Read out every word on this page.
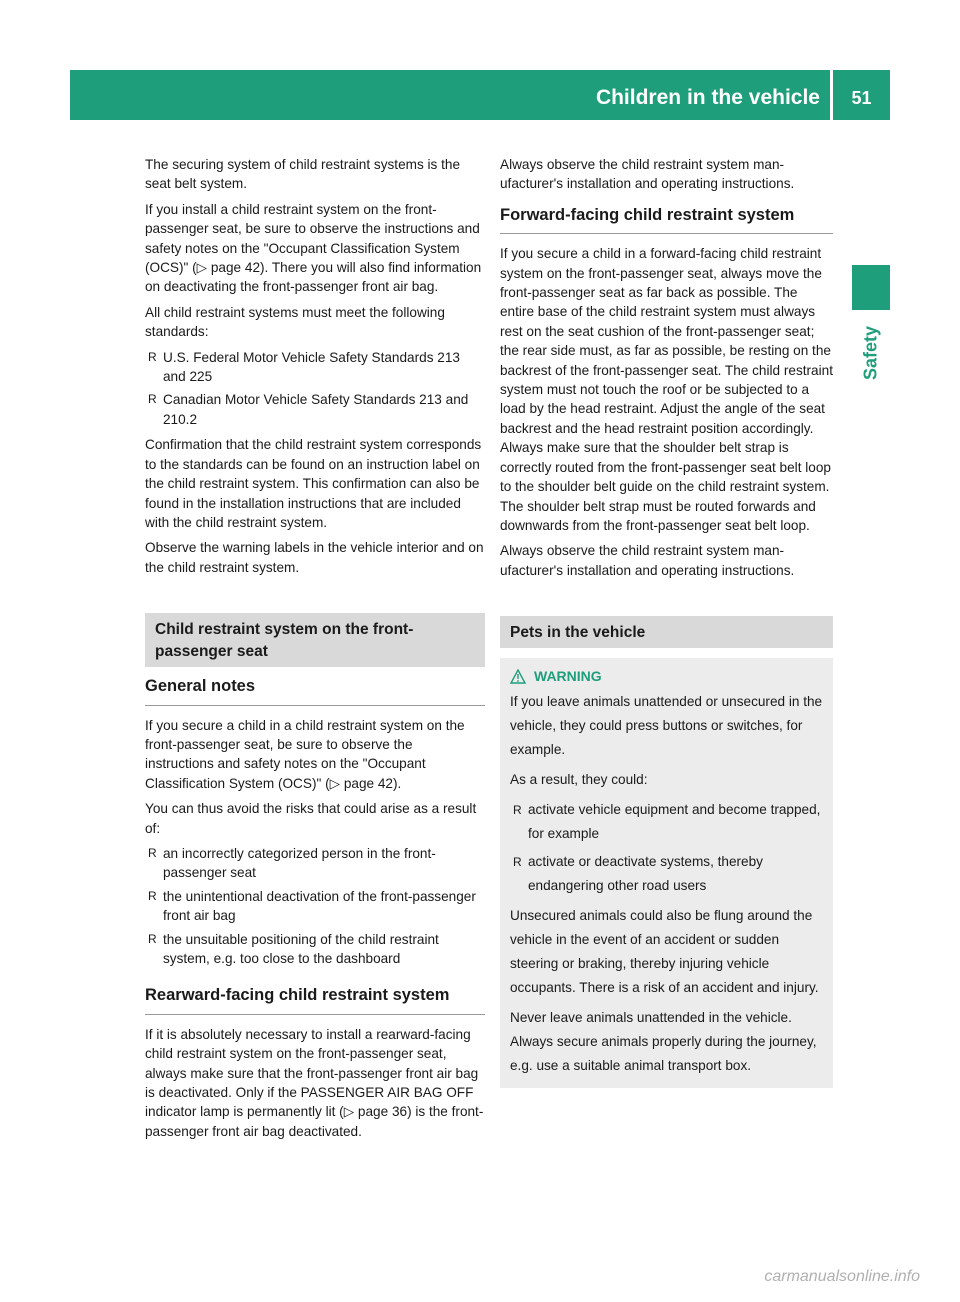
Children in the vehicle	51
Safety

The securing system of child restraint systems is the seat belt system.

If you install a child restraint system on the front-passenger seat, be sure to observe the instructions and safety notes on the "Occupant Classification System (OCS)" (▷ page 42). There you will also find information on deactivating the front-passenger front air bag.

All child restraint systems must meet the following standards:

R U.S. Federal Motor Vehicle Safety Standards 213 and 225
R Canadian Motor Vehicle Safety Standards 213 and 210.2

Confirmation that the child restraint system corresponds to the standards can be found on an instruction label on the child restraint system. This confirmation can also be found in the installation instructions that are included with the child restraint system.

Observe the warning labels in the vehicle interior and on the child restraint system.

Child restraint system on the front-passenger seat
General notes

If you secure a child in a child restraint system on the front-passenger seat, be sure to observe the instructions and safety notes on the "Occupant Classification System (OCS)" (▷ page 42).

You can thus avoid the risks that could arise as a result of:

R an incorrectly categorized person in the front-passenger seat
R the unintentional deactivation of the front-passenger front air bag
R the unsuitable positioning of the child restraint system, e.g. too close to the dashboard
Rearward-facing child restraint system

If it is absolutely necessary to install a rearward-facing child restraint system on the front-passenger seat, always make sure that the front-passenger front air bag is deactivated. Only if the PASSENGER AIR BAG OFF indicator lamp is permanently lit (▷ page 36) is the front-passenger front air bag deactivated.

Always observe the child restraint system manufacturer's installation and operating instructions.

Forward-facing child restraint system

If you secure a child in a forward-facing child restraint system on the front-passenger seat, always move the front-passenger seat as far back as possible. The entire base of the child restraint system must always rest on the seat cushion of the front-passenger seat; the rear side must, as far as possible, be resting on the backrest of the front-passenger seat. The child restraint system must not touch the roof or be subjected to a load by the head restraint. Adjust the angle of the seat backrest and the head restraint position accordingly. Always make sure that the shoulder belt strap is correctly routed from the front-passenger seat belt loop to the shoulder belt guide on the child restraint system. The shoulder belt strap must be routed forwards and downwards from the front-passenger seat belt loop.

Always observe the child restraint system manufacturer's installation and operating instructions.

Pets in the vehicle
WARNING

If you leave animals unattended or unsecured in the vehicle, they could press buttons or switches, for example.

As a result, they could:

R activate vehicle equipment and become trapped, for example
R activate or deactivate systems, thereby endangering other road users

Unsecured animals could also be flung around the vehicle in the event of an accident or sudden steering or braking, thereby injuring vehicle occupants. There is a risk of an accident and injury.

Never leave animals unattended in the vehicle. Always secure animals properly during the journey, e.g. use a suitable animal transport box.

carmanualsonline.info
